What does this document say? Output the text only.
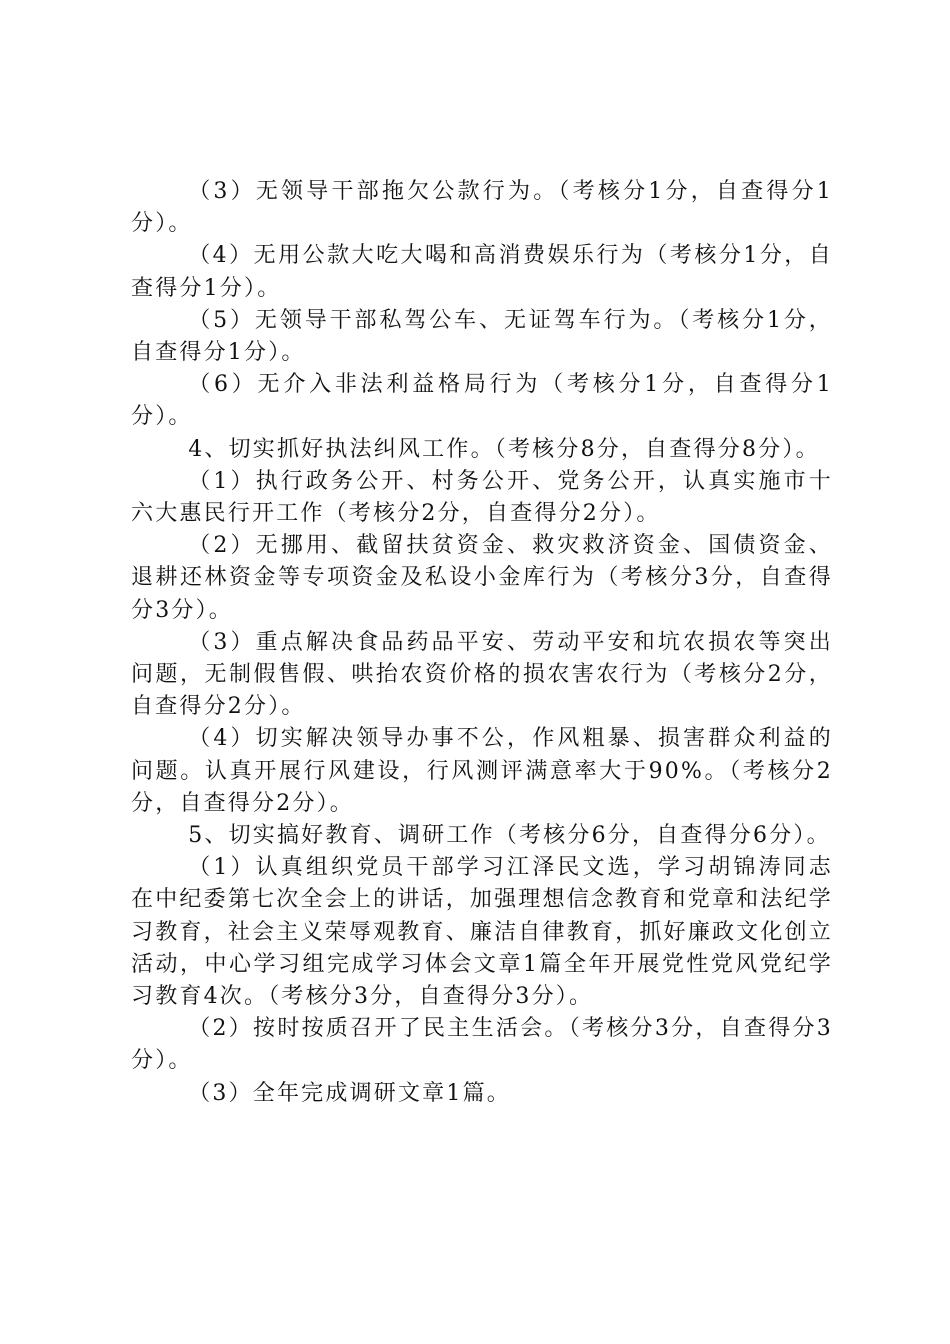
（3）无领导干部拖欠公款行为。（考核分1分，自查得分1分）。

（4）无用公款大吃大喝和高消费娱乐行为（考核分1分，自查得分1分）。

（5）无领导干部私驾公车、无证驾车行为。（考核分1分，自查得分1分）。

（6）无介入非法利益格局行为（考核分1分，自查得分1分）。

4、切实抓好执法纠风工作。（考核分8分，自查得分8分）。

（1）执行政务公开、村务公开、党务公开，认真实施市十六大惠民行开工作（考核分2分，自查得分2分）。

（2）无挪用、截留扶贫资金、救灾救济资金、国债资金、退耕还林资金等专项资金及私设小金库行为（考核分3分，自查得分3分）。

（3）重点解决食品药品平安、劳动平安和坑农损农等突出问题，无制假售假、哄抬农资价格的损农害农行为（考核分2分，自查得分2分）。

（4）切实解决领导办事不公，作风粗暴、损害群众利益的问题。认真开展行风建设，行风测评满意率大于90%。（考核分2分，自查得分2分）。

5、切实搞好教育、调研工作（考核分6分，自查得分6分）。

（1）认真组织党员干部学习江泽民文选，学习胡锦涛同志在中纪委第七次全会上的讲话，加强理想信念教育和党章和法纪学习教育，社会主义荣辱观教育、廉洁自律教育，抓好廉政文化创立活动，中心学习组完成学习体会文章1篇全年开展党性党风党纪学习教育4次。（考核分3分，自查得分3分）。

（2）按时按质召开了民主生活会。（考核分3分，自查得分3分）。

（3）全年完成调研文章1篇。
